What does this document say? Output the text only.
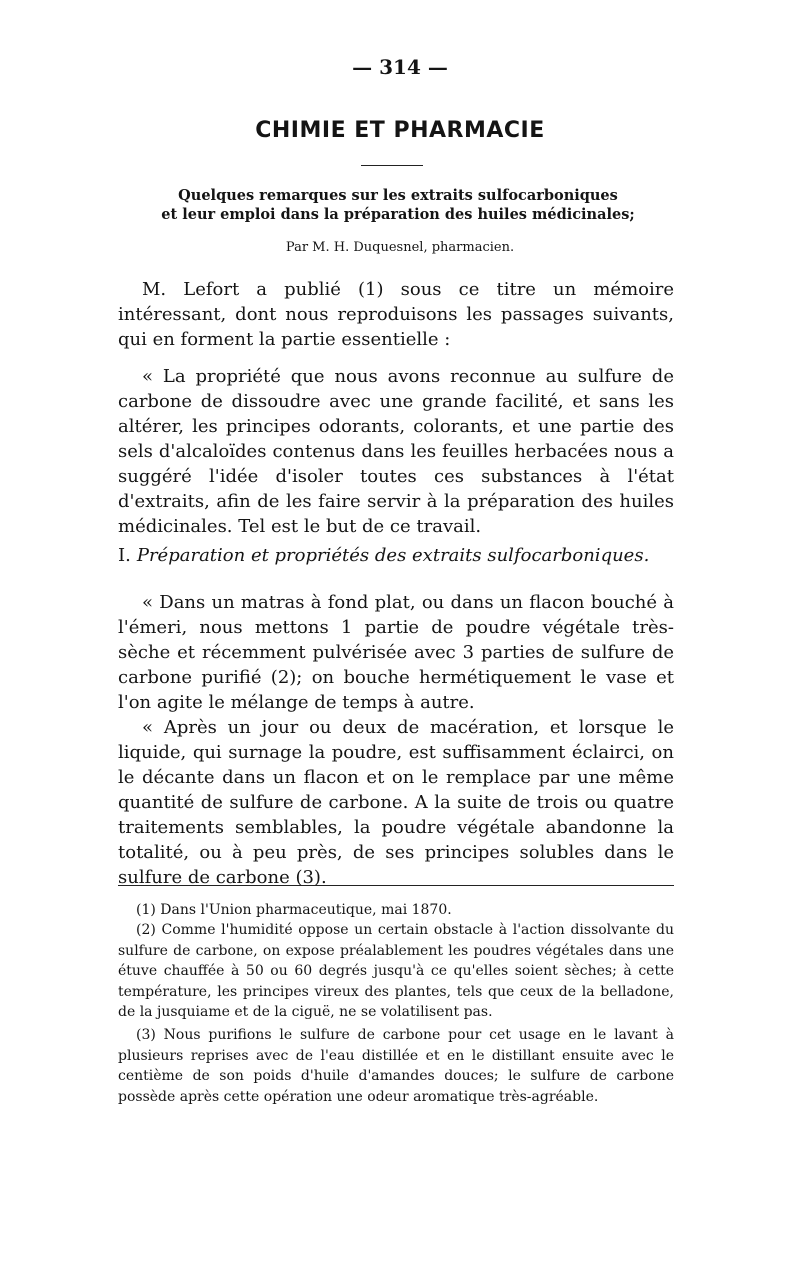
— 314 —
CHIMIE ET PHARMACIE
Quelques remarques sur les extraits sulfocarboniques
et leur emploi dans la préparation des huiles médicinales;
Par M. H. Duquesnel, pharmacien.

M. Lefort a publié (1) sous ce titre un mémoire intéressant, dont nous reproduisons les passages suivants, qui en forment la partie essentielle :

« La propriété que nous avons reconnue au sulfure de carbone de dissoudre avec une grande facilité, et sans les altérer, les principes odorants, colorants, et une partie des sels d'alcaloïdes contenus dans les feuilles herbacées nous a suggéré l'idée d'isoler toutes ces substances à l'état d'extraits, afin de les faire servir à la préparation des huiles médicinales. Tel est le but de ce travail.

I. Préparation et propriétés des extraits sulfocarboniques.

« Dans un matras à fond plat, ou dans un flacon bouché à l'émeri, nous mettons 1 partie de poudre végétale très-sèche et récemment pulvérisée avec 3 parties de sulfure de carbone purifié (2); on bouche hermétiquement le vase et l'on agite le mélange de temps à autre.

« Après un jour ou deux de macération, et lorsque le liquide, qui surnage la poudre, est suffisamment éclairci, on le décante dans un flacon et on le remplace par une même quantité de sulfure de carbone. A la suite de trois ou quatre traitements semblables, la poudre végétale abandonne la totalité, ou à peu près, de ses principes solubles dans le sulfure de carbone (3).

(1) Dans l'Union pharmaceutique, mai 1870.

(2) Comme l'humidité oppose un certain obstacle à l'action dissolvante du sulfure de carbone, on expose préalablement les poudres végétales dans une étuve chauffée à 50 ou 60 degrés jusqu'à ce qu'elles soient sèches; à cette température, les principes vireux des plantes, tels que ceux de la belladone, de la jusquiame et de la ciguë, ne se volatilisent pas.

(3) Nous purifions le sulfure de carbone pour cet usage en le lavant à plusieurs reprises avec de l'eau distillée et en le distillant ensuite avec le centième de son poids d'huile d'amandes douces; le sulfure de carbone possède après cette opération une odeur aromatique très-agréable.
